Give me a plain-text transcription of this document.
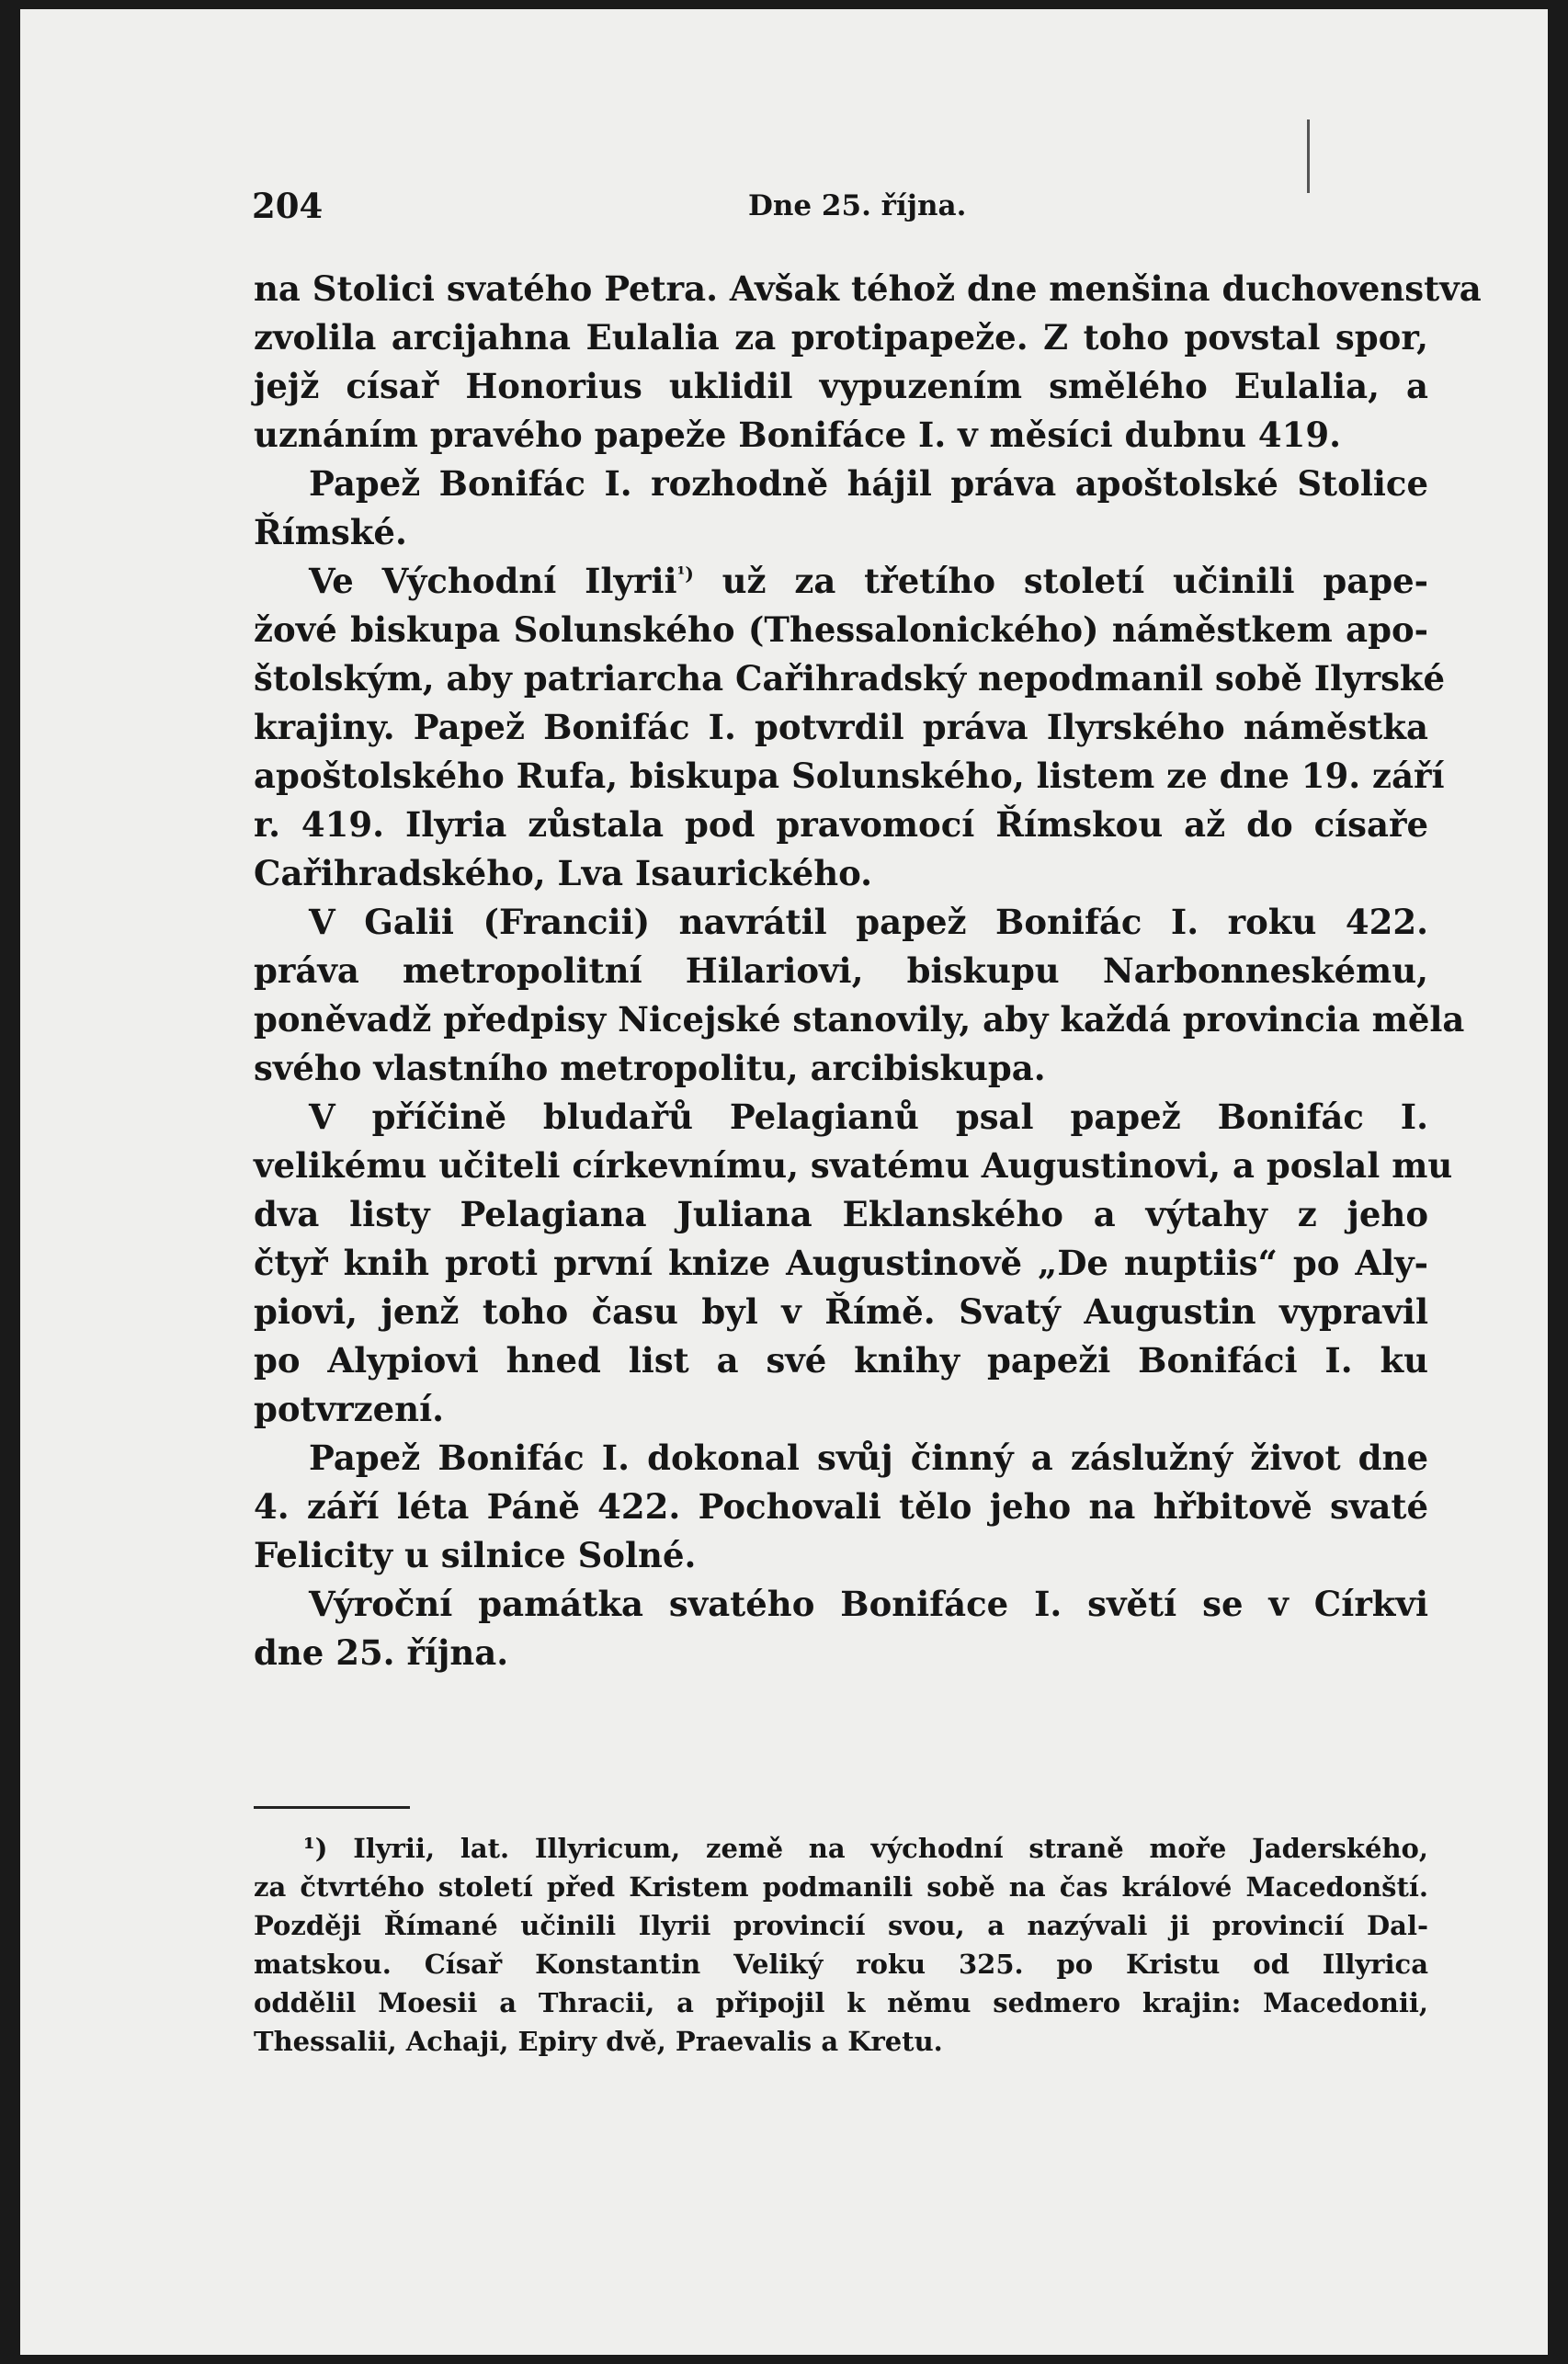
204	Dne 25. října.
na Stolici svatého Petra. Avšak téhož dne menšina duchovenstva
zvolila arcijahna Eulalia za protipapeže. Z toho povstal spor,
jejž císař Honorius uklidil vypuzením smělého Eulalia, a
uznáním pravého papeže Bonifáce I. v měsíci dubnu 419.
Papež Bonifác I. rozhodně hájil práva apoštolské Stolice
Římské.
Ve Východní Ilyrii$^{^1)}$ už za třetího století učinili pape-
žové biskupa Solunského (Thessalonického) náměstkem apo-
štolským, aby patriarcha Cařihradský nepodmanil sobě Ilyrské
krajiny. Papež Bonifác I. potvrdil práva Ilyrského náměstka
apoštolského Rufa, biskupa Solunského, listem ze dne 19. září
r. 419. Ilyria zůstala pod pravomocí Římskou až do císaře
Cařihradského, Lva Isaurického.
V Galii (Francii) navrátil papež Bonifác I. roku 422.
práva metropolitní Hilariovi, biskupu Narbonneskému,
poněvadž předpisy Nicejské stanovily, aby každá provincia měla
svého vlastního metropolitu, arcibiskupa.
V příčině bludařů Pelagianů psal papež Bonifác I.
velikému učiteli církevnímu, svatému Augustinovi, a poslal mu
dva listy Pelagiana Juliana Eklanského a výtahy z jeho
čtyř knih proti první knize Augustinově „De nuptiis“ po Aly-
piovi, jenž toho času byl v Římě. Svatý Augustin vypravil
po Alypiovi hned list a své knihy papeži Bonifáci I. ku
potvrzení.
Papež Bonifác I. dokonal svůj činný a záslužný život dne
4. září léta Páně 422. Pochovali tělo jeho na hřbitově svaté
Felicity u silnice Solné.
Výroční památka svatého Bonifáce I. světí se v Církvi
dne 25. října.
¹) Ilyrii, lat. Illyricum, země na východní straně moře Jaderského,
za čtvrtého století před Kristem podmanili sobě na čas králové Macedonští.
Později Římané učinili Ilyrii provincií svou, a nazývali ji provincií Dal-
matskou. Císař Konstantin Veliký roku 325. po Kristu od Illyrica
oddělil Moesii a Thracii, a připojil k němu sedmero krajin: Macedonii,
Thessalii, Achaji, Epiry dvě, Praevalis a Kretu.
